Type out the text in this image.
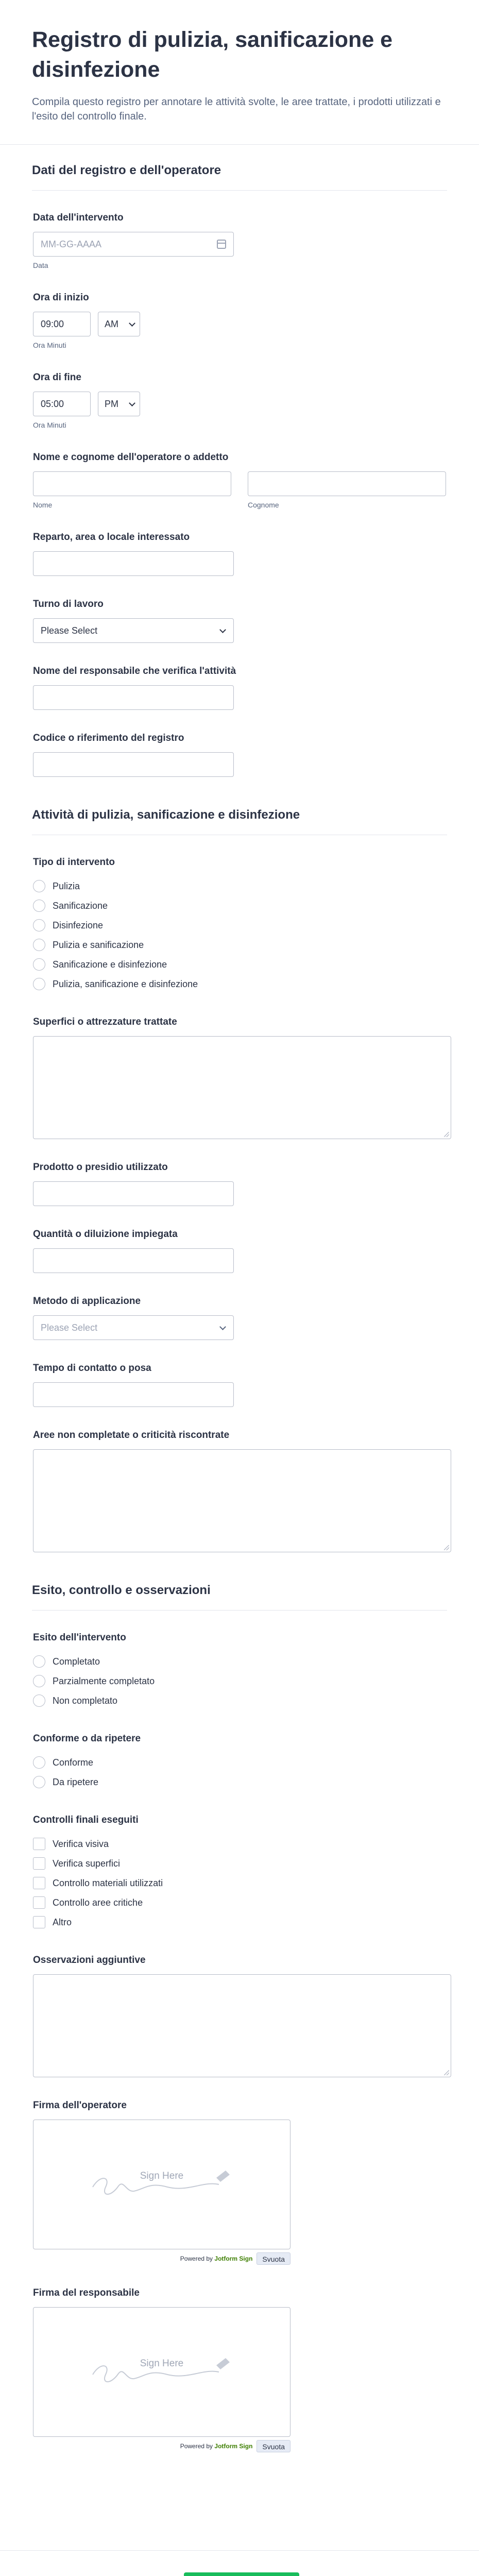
Registro di pulizia, sanificazione e disinfezione

Compila questo registro per annotare le attività svolte, le aree trattate, i prodotti utilizzati e l'esito del controllo finale.

Dati del registro e dell'operatore
Data dell'intervento
MM-GG-AAAA
Data
Ora di inizio
09:00	AM
Ora Minuti
Ora di fine
05:00	PM
Ora Minuti
Nome e cognome dell'operatore o addetto
Nome	Cognome
Reparto, area o locale interessato
Turno di lavoro
Please Select
Nome del responsabile che verifica l'attività
Codice o riferimento del registro
Attività di pulizia, sanificazione e disinfezione
Tipo di intervento
Pulizia
Sanificazione
Disinfezione
Pulizia e sanificazione
Sanificazione e disinfezione
Pulizia, sanificazione e disinfezione
Superfici o attrezzature trattate
Prodotto o presidio utilizzato
Quantità o diluizione impiegata
Metodo di applicazione
Please Select
Tempo di contatto o posa
Aree non completate o criticità riscontrate
Esito, controllo e osservazioni
Esito dell'intervento
Completato
Parzialmente completato
Non completato
Conforme o da ripetere
Conforme
Da ripetere
Controlli finali eseguiti
Verifica visiva
Verifica superfici
Controllo materiali utilizzati
Controllo aree critiche
Altro
Osservazioni aggiuntive
Firma dell'operatore
Sign Here
Powered by Jotform Sign	Svuota
Firma del responsabile
Sign Here
Powered by Jotform Sign	Svuota
